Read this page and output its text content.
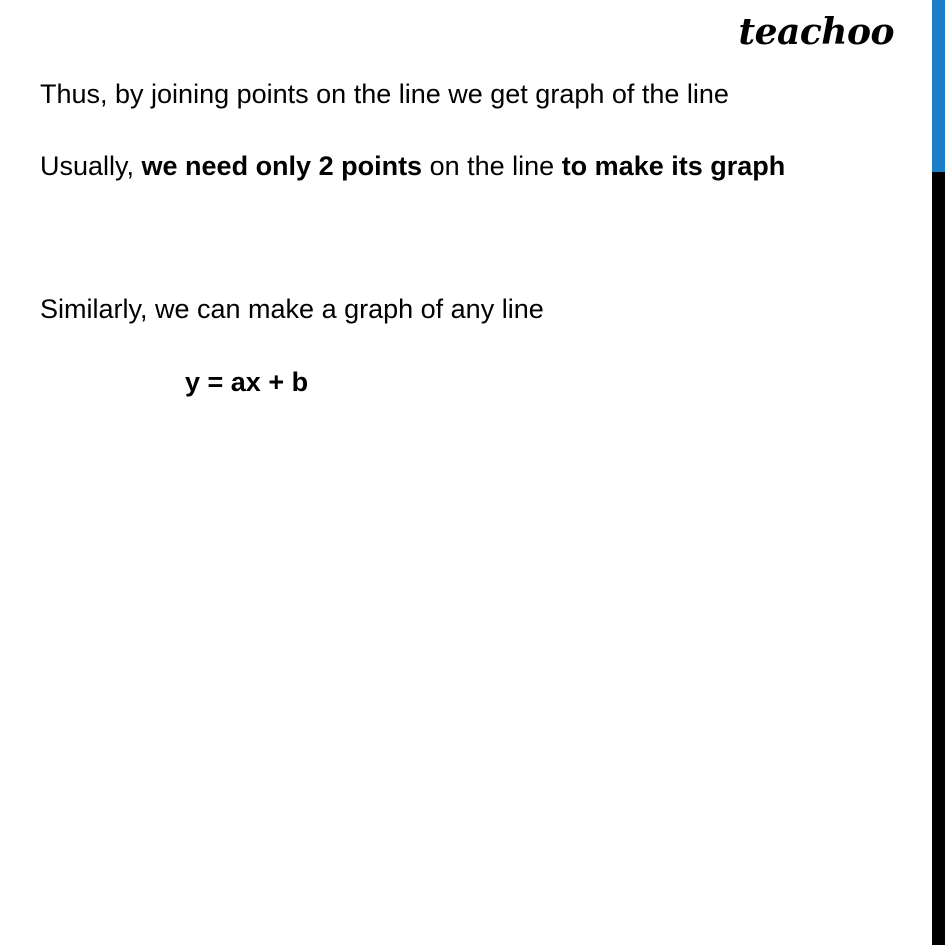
teachoo
Thus, by joining points on the line we get graph of the line
Usually, we need only 2 points on the line to make its graph
Similarly, we can make a graph of any line
y = ax + b
